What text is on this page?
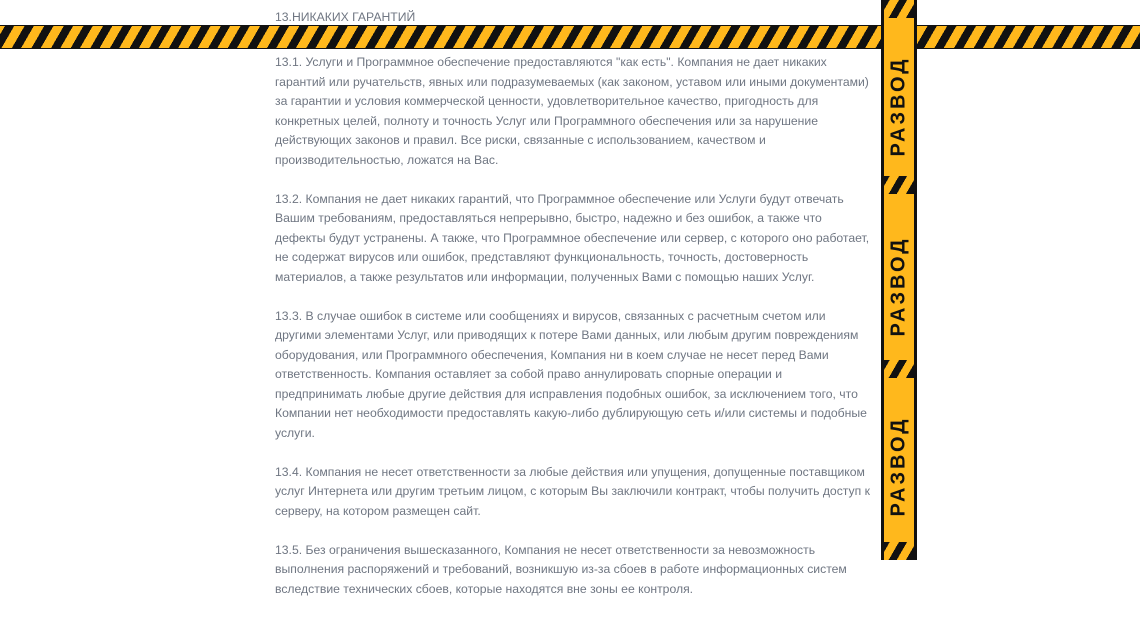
13.НИКАКИХ ГАРАНТИЙ

13.1. Услуги и Программное обеспечение предоставляются "как есть". Компания не дает никаких гарантий или ручательств, явных или подразумеваемых (как законом, уставом или иными документами) за гарантии и условия коммерческой ценности, удовлетворительное качество, пригодность для конкретных целей, полноту и точность Услуг или Программного обеспечения или за нарушение действующих законов и правил. Все риски, связанные с использованием, качеством и производительностью, ложатся на Вас.

13.2. Компания не дает никаких гарантий, что Программное обеспечение или Услуги будут отвечать Вашим требованиям, предоставляться непрерывно, быстро, надежно и без ошибок, а также что дефекты будут устранены. А также, что Программное обеспечение или сервер, с которого оно работает, не содержат вирусов или ошибок, представляют функциональность, точность, достоверность материалов, а также результатов или информации, полученных Вами с помощью наших Услуг.

13.3. В случае ошибок в системе или сообщениях и вирусов, связанных с расчетным счетом или другими элементами Услуг, или приводящих к потере Вами данных, или любым другим повреждениям оборудования, или Программного обеспечения, Компания ни в коем случае не несет перед Вами ответственность. Компания оставляет за собой право аннулировать спорные операции и предпринимать любые другие действия для исправления подобных ошибок, за исключением того, что Компании нет необходимости предоставлять какую-либо дублирующую сеть и/или системы и подобные услуги.

13.4. Компания не несет ответственности за любые действия или упущения, допущенные поставщиком услуг Интернета или другим третьим лицом, с которым Вы заключили контракт, чтобы получить доступ к серверу, на котором размещен сайт.

13.5. Без ограничения вышесказанного, Компания не несет ответственности за невозможность выполнения распоряжений и требований, возникшую из-за сбоев в работе информационных систем вследствие технических сбоев, которые находятся вне зоны ее контроля.

РАЗВОД
РАЗВОД
РАЗВОД
